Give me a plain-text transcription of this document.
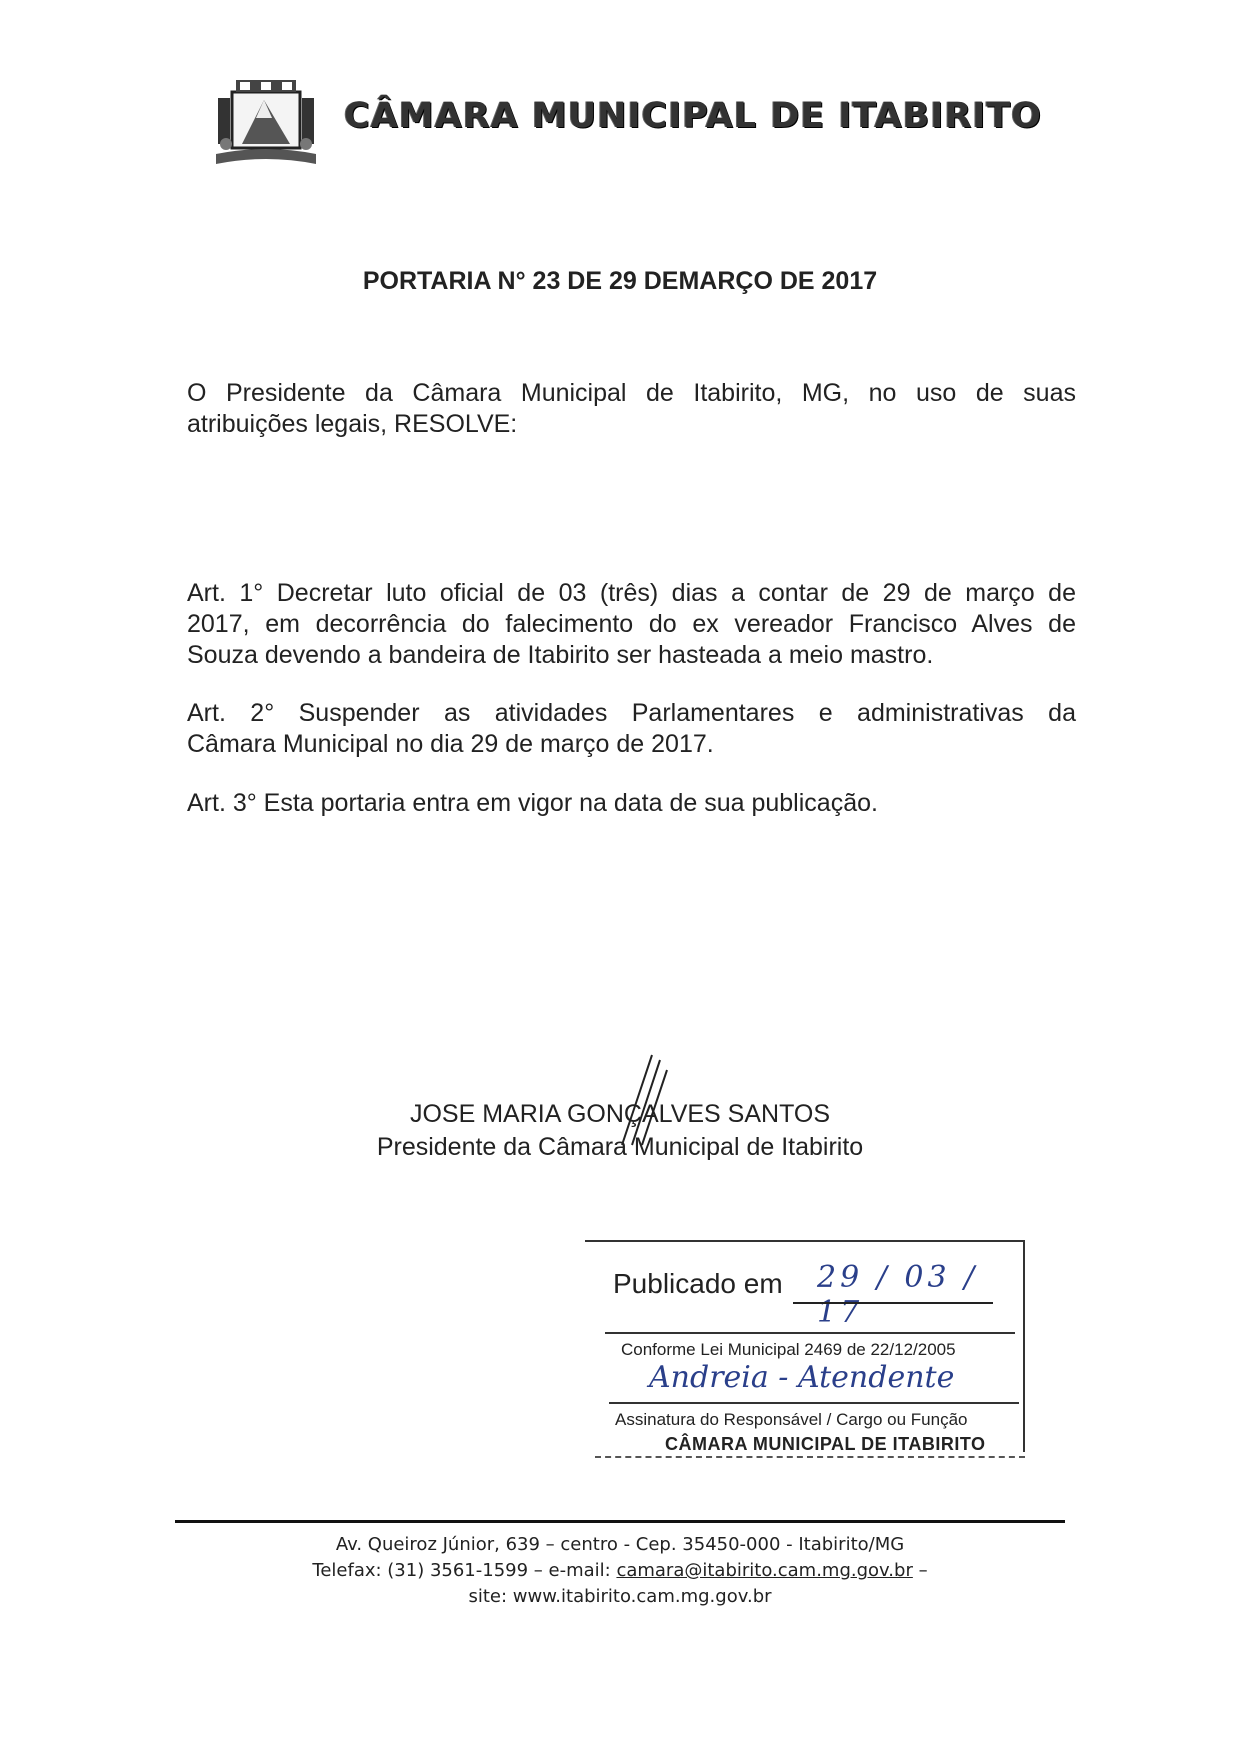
CÂMARA MUNICIPAL DE ITABIRITO
PORTARIA N° 23 DE 29 DEMARÇO DE 2017
O Presidente da Câmara Municipal de Itabirito, MG, no uso de suas
atribuições legais, RESOLVE:
Art. 1° Decretar luto oficial de 03 (três) dias a contar de 29 de março de
2017, em decorrência do falecimento do ex vereador Francisco Alves de
Souza devendo a bandeira de Itabirito ser hasteada a meio mastro.
Art. 2° Suspender as atividades Parlamentares e administrativas da
Câmara Municipal no dia 29 de março de 2017.
Art. 3° Esta portaria entra em vigor na data de sua publicação.
JOSE MARIA GONÇALVES SANTOS
Presidente da Câmara Municipal de Itabirito
Publicado em 29 / 03 / 17
Conforme Lei Municipal 2469 de 22/12/2005
Andreia - Atendente
Assinatura do Responsável / Cargo ou Função
CÂMARA MUNICIPAL DE ITABIRITO
Av. Queiroz Júnior, 639 – centro - Cep. 35450-000 - Itabirito/MG
Telefax: (31) 3561-1599 – e-mail: camara@itabirito.cam.mg.gov.br –
site: www.itabirito.cam.mg.gov.br
